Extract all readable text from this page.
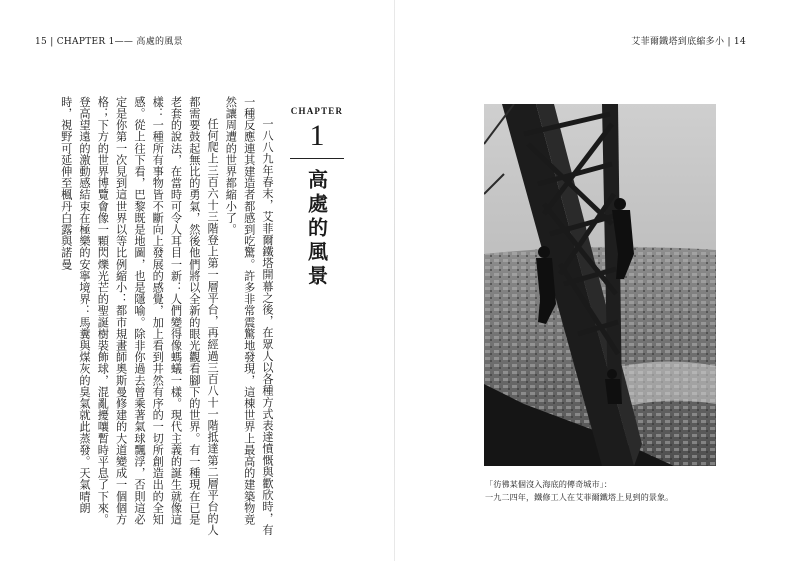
15 | CHAPTER 1—— 高處的風景	艾菲爾鐵塔到底縮多小 | 14

一八八九年春末，艾菲爾鐵塔開幕之後，在眾人以各種方式表達憤慨與歡欣時，有一種反應連其建造者都感到吃驚。許多非常震驚地發現，這棟世界上最高的建築物竟然讓周遭的世界都縮小了。

任何爬上三百六十三階登上第一層平台，再經過三百八十一階抵達第二層平台的人都需要鼓起無比的勇氣，然後他們將以全新的眼光觀看腳下的世界。有一種現在已是老套的說法，在當時可令人耳目一新：人們變得像螞蟻一樣。現代主義的誕生就像這樣：一種所有事物皆不斷向上發展的感覺，加上看到井然有序的一切所創造出的全知感。從上往下看，巴黎既是地圖，也是隱喻。除非你過去曾乘著氣球飄浮，否則這必定是你第一次見到這世界以等比例縮小：都市規畫師奧斯曼修建的大道變成一個個方格；下方的世界博覽會像一顆閃爍光芒的聖誕樹裝飾球，混亂擾嚷暫時平息了下來。登高望遠的激動感結束在極樂的安寧境界：馬糞與煤灰的臭氣就此蒸發。天氣晴朗時，視野可延伸至楓丹白露與諾曼	CHAPTER
1
高處的風景
「彷彿某個沒入海底的傳奇城市」：
一九二四年，鐵修工人在艾菲爾鐵塔上見到的景象。
